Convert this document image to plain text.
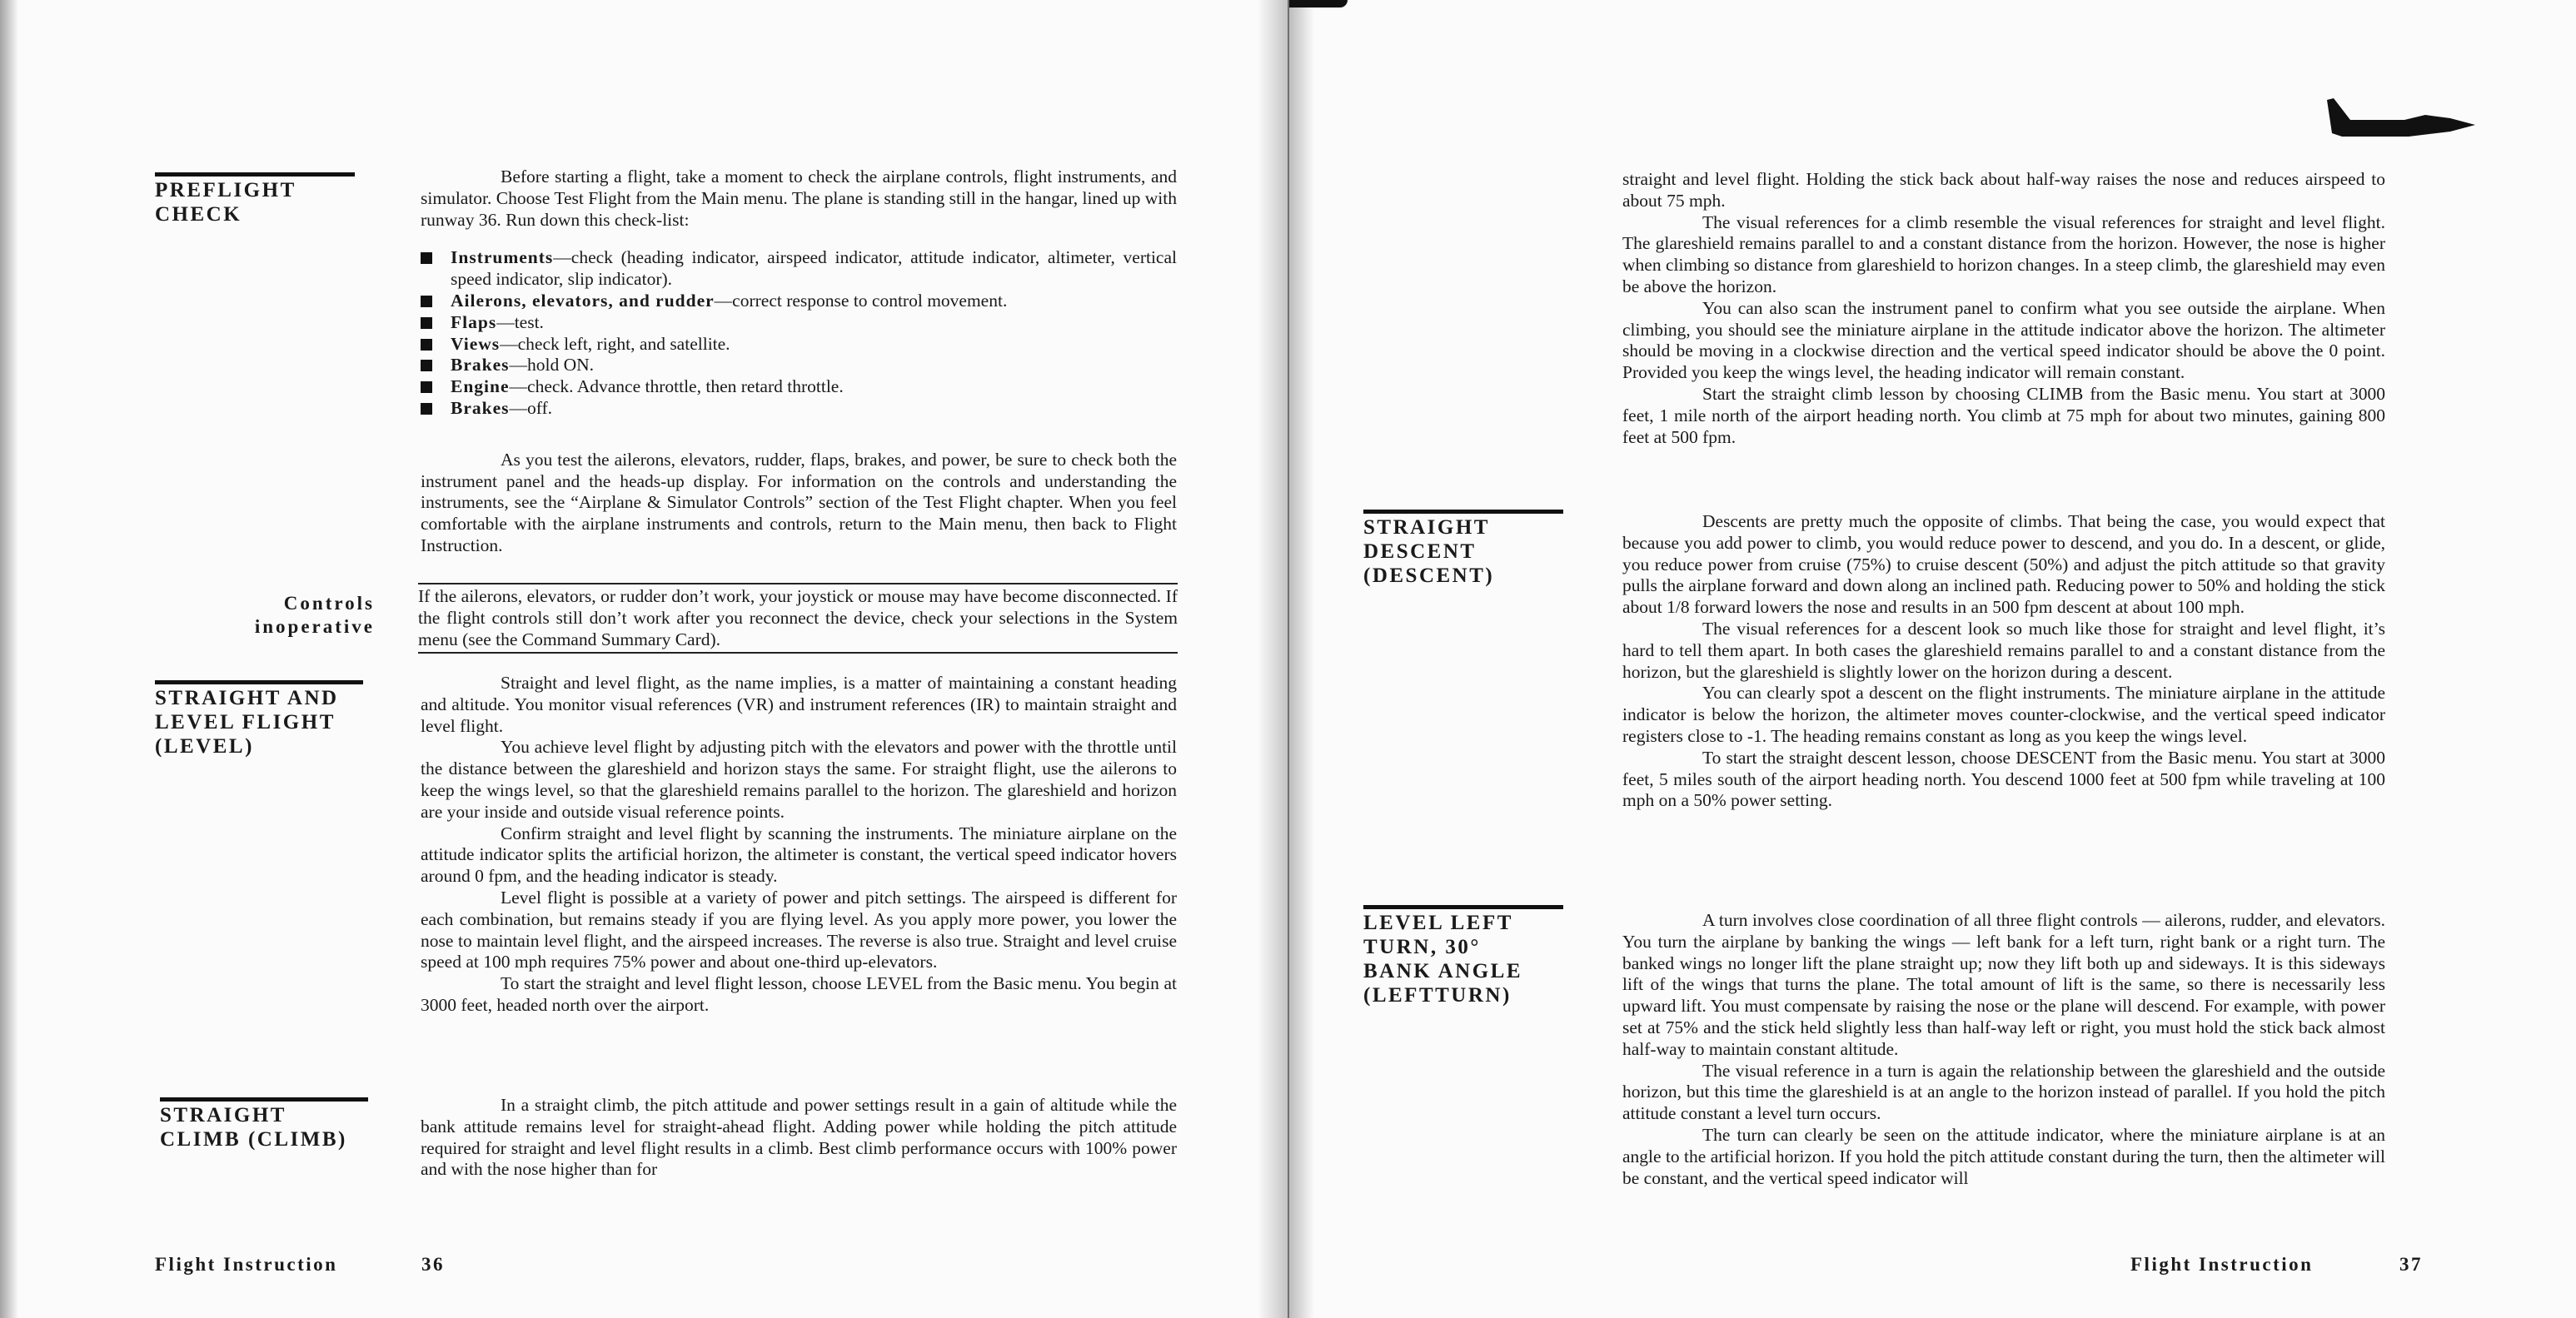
PREFLIGHT
CHECK

Before starting a flight, take a moment to check the airplane controls, flight instruments, and simulator. Choose Test Flight from the Main menu. The plane is standing still in the hangar, lined up with runway 36. Run down this check-list:

Instruments—check (heading indicator, airspeed indicator, attitude indicator, altimeter, vertical speed indicator, slip indicator).
Ailerons, elevators, and rudder—correct response to control movement.
Flaps—test.
Views—check left, right, and satellite.
Brakes—hold ON.
Engine—check. Advance throttle, then retard throttle.
Brakes—off.

As you test the ailerons, elevators, rudder, flaps, brakes, and power, be sure to check both the instrument panel and the heads-up display. For information on the controls and understanding the instruments, see the “Airplane & Simulator Controls” section of the Test Flight chapter. When you feel comfortable with the airplane instruments and controls, return to the Main menu, then back to Flight Instruction.

Controls
inoperative
If the ailerons, elevators, or rudder don’t work, your joystick or mouse may have become disconnected. If the flight controls still don’t work after you reconnect the device, check your selections in the System menu (see the Command Summary Card).
STRAIGHT AND
LEVEL FLIGHT
(LEVEL)

Straight and level flight, as the name implies, is a matter of maintaining a constant heading and altitude. You monitor visual references (VR) and instrument references (IR) to maintain straight and level flight.

You achieve level flight by adjusting pitch with the elevators and power with the throttle until the distance between the glareshield and horizon stays the same. For straight flight, use the ailerons to keep the wings level, so that the glareshield remains parallel to the horizon. The glareshield and horizon are your inside and outside visual reference points.

Confirm straight and level flight by scanning the instruments. The miniature airplane on the attitude indicator splits the artificial horizon, the altimeter is constant, the vertical speed indicator hovers around 0 fpm, and the heading indicator is steady.

Level flight is possible at a variety of power and pitch settings. The airspeed is different for each combination, but remains steady if you are flying level. As you apply more power, you lower the nose to maintain level flight, and the airspeed increases. The reverse is also true. Straight and level cruise speed at 100 mph requires 75% power and about one-third up-elevators.

To start the straight and level flight lesson, choose LEVEL from the Basic menu. You begin at 3000 feet, headed north over the airport.

STRAIGHT
CLIMB (CLIMB)

In a straight climb, the pitch attitude and power settings result in a gain of altitude while the bank attitude remains level for straight-ahead flight. Adding power while holding the pitch attitude required for straight and level flight results in a climb. Best climb performance occurs with 100% power and with the nose higher than for

Flight Instruction	36

straight and level flight. Holding the stick back about half-way raises the nose and reduces airspeed to about 75 mph.

The visual references for a climb resemble the visual references for straight and level flight. The glareshield remains parallel to and a constant distance from the horizon. However, the nose is higher when climbing so distance from glareshield to horizon changes. In a steep climb, the glareshield may even be above the horizon.

You can also scan the instrument panel to confirm what you see outside the airplane. When climbing, you should see the miniature airplane in the attitude indicator above the horizon. The altimeter should be moving in a clockwise direction and the vertical speed indicator should be above the 0 point. Provided you keep the wings level, the heading indicator will remain constant.

Start the straight climb lesson by choosing CLIMB from the Basic menu. You start at 3000 feet, 1 mile north of the airport heading north. You climb at 75 mph for about two minutes, gaining 800 feet at 500 fpm.

STRAIGHT
DESCENT
(DESCENT)

Descents are pretty much the opposite of climbs. That being the case, you would expect that because you add power to climb, you would reduce power to descend, and you do. In a descent, or glide, you reduce power from cruise (75%) to cruise descent (50%) and adjust the pitch attitude so that gravity pulls the airplane forward and down along an inclined path. Reducing power to 50% and holding the stick about 1/8 forward lowers the nose and results in an 500 fpm descent at about 100 mph.

The visual references for a descent look so much like those for straight and level flight, it’s hard to tell them apart. In both cases the glareshield remains parallel to and a constant distance from the horizon, but the glareshield is slightly lower on the horizon during a descent.

You can clearly spot a descent on the flight instruments. The miniature airplane in the attitude indicator is below the horizon, the altimeter moves counter-clockwise, and the vertical speed indicator registers close to -1. The heading remains constant as long as you keep the wings level.

To start the straight descent lesson, choose DESCENT from the Basic menu. You start at 3000 feet, 5 miles south of the airport heading north. You descend 1000 feet at 500 fpm while traveling at 100 mph on a 50% power setting.

LEVEL LEFT
TURN, 30°
BANK ANGLE
(LEFTTURN)

A turn involves close coordination of all three flight controls — ailerons, rudder, and elevators. You turn the airplane by banking the wings — left bank for a left turn, right bank or a right turn. The banked wings no longer lift the plane straight up; now they lift both up and sideways. It is this sideways lift of the wings that turns the plane. The total amount of lift is the same, so there is necessarily less upward lift. You must compensate by raising the nose or the plane will descend. For example, with power set at 75% and the stick held slightly less than half-way left or right, you must hold the stick back almost half-way to maintain constant altitude.

The visual reference in a turn is again the relationship between the glareshield and the outside horizon, but this time the glareshield is at an angle to the horizon instead of parallel. If you hold the pitch attitude constant a level turn occurs.

The turn can clearly be seen on the attitude indicator, where the miniature airplane is at an angle to the artificial horizon. If you hold the pitch attitude constant during the turn, then the altimeter will be constant, and the vertical speed indicator will

Flight Instruction	37
